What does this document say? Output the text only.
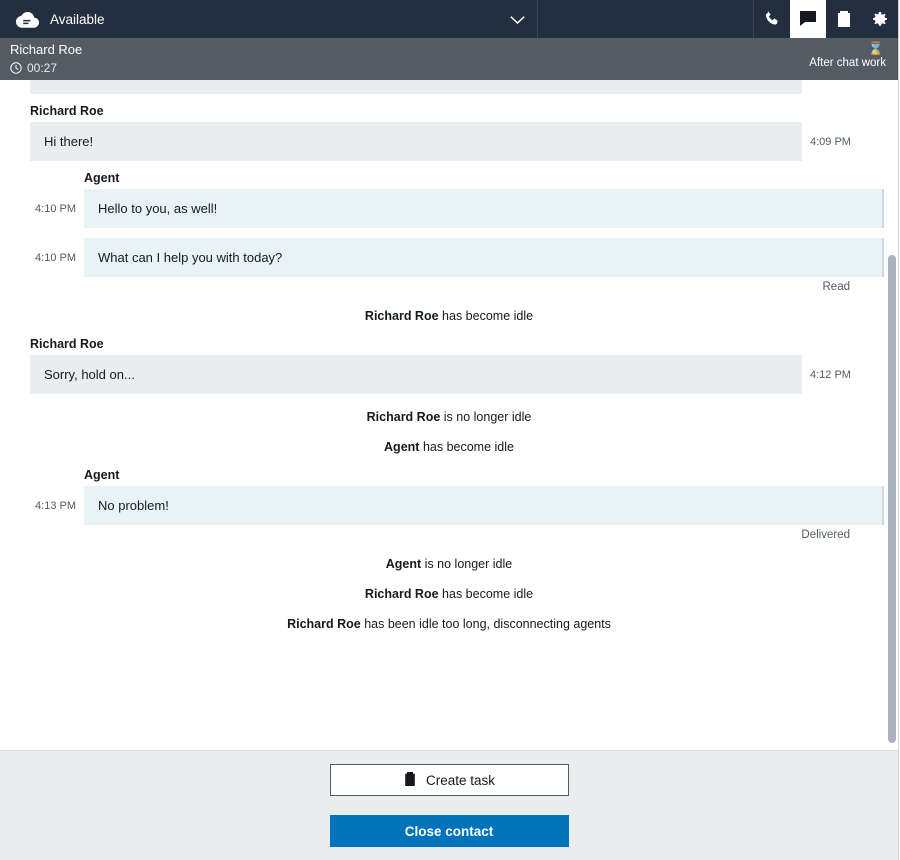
Available
Richard Roe
00:27
⌛
After chat work
Richard Roe
Hi there!	4:09 PM
Agent
4:10 PM	Hello to you, as well!
4:10 PM	What can I help you with today?
Read
Richard Roe has become idle
Richard Roe
Sorry, hold on...	4:12 PM
Richard Roe is no longer idle
Agent has become idle
Agent
4:13 PM	No problem!
Delivered
Agent is no longer idle
Richard Roe has become idle
Richard Roe has been idle too long, disconnecting agents
Create task
Close contact
